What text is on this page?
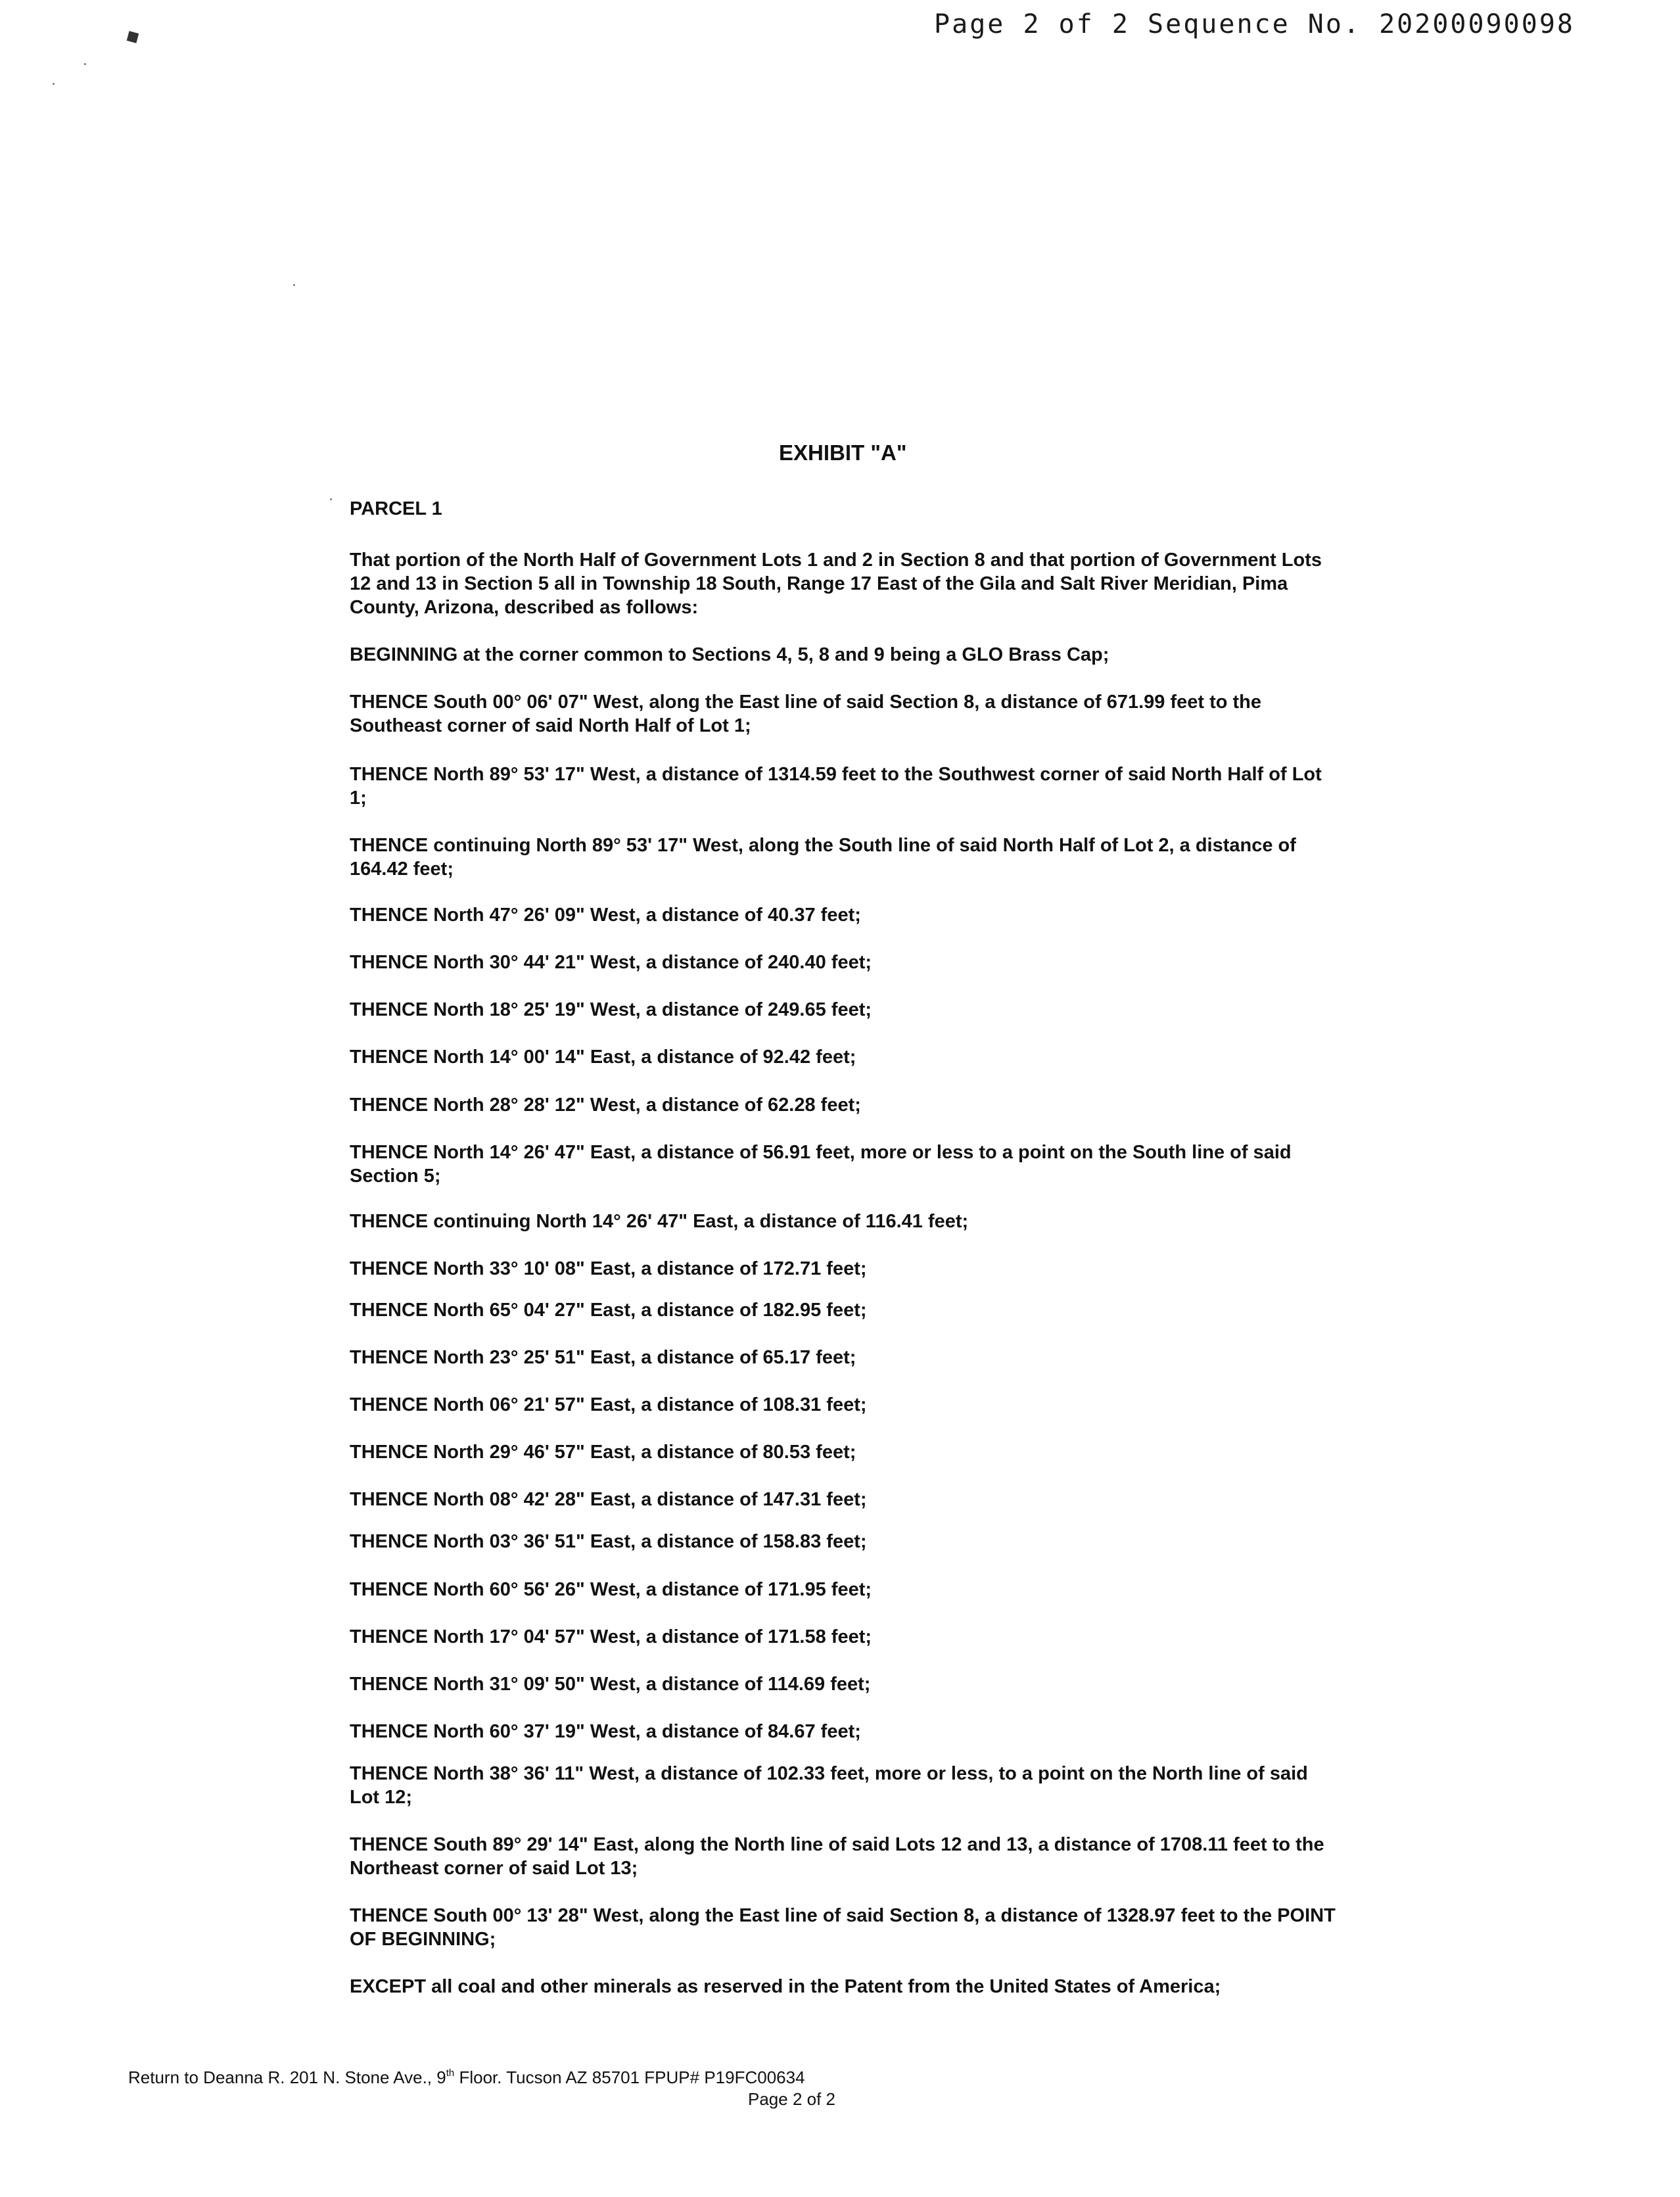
Page 2 of 2 Sequence No. 20200090098
◆
EXHIBIT "A"
PARCEL 1
That portion of the North Half of Government Lots 1 and 2 in Section 8 and that portion of Government Lots 12 and 13 in Section 5 all in Township 18 South, Range 17 East of the Gila and Salt River Meridian, Pima County, Arizona, described as follows:
BEGINNING at the corner common to Sections 4, 5, 8 and 9 being a GLO Brass Cap;
THENCE South 00° 06' 07" West, along the East line of said Section 8, a distance of 671.99 feet to the Southeast corner of said North Half of Lot 1;
THENCE North 89° 53' 17" West, a distance of 1314.59 feet to the Southwest corner of said North Half of Lot 1;
THENCE continuing North 89° 53' 17" West, along the South line of said North Half of Lot 2, a distance of 164.42 feet;
THENCE North 47° 26' 09" West, a distance of 40.37 feet;
THENCE North 30° 44' 21" West, a distance of 240.40 feet;
THENCE North 18° 25' 19" West, a distance of 249.65 feet;
THENCE North 14° 00' 14" East, a distance of 92.42 feet;
THENCE North 28° 28' 12" West, a distance of 62.28 feet;
THENCE North 14° 26' 47" East, a distance of 56.91 feet, more or less to a point on the South line of said Section 5;
THENCE continuing North 14° 26' 47" East, a distance of 116.41 feet;
THENCE North 33° 10' 08" East, a distance of 172.71 feet;
THENCE North 65° 04' 27" East, a distance of 182.95 feet;
THENCE North 23° 25' 51" East, a distance of 65.17 feet;
THENCE North 06° 21' 57" East, a distance of 108.31 feet;
THENCE North 29° 46' 57" East, a distance of 80.53 feet;
THENCE North 08° 42' 28" East, a distance of 147.31 feet;
THENCE North 03° 36' 51" East, a distance of 158.83 feet;
THENCE North 60° 56' 26" West, a distance of 171.95 feet;
THENCE North 17° 04' 57" West, a distance of 171.58 feet;
THENCE North 31° 09' 50" West, a distance of 114.69 feet;
THENCE North 60° 37' 19" West, a distance of 84.67 feet;
THENCE North 38° 36' 11" West, a distance of 102.33 feet, more or less, to a point on the North line of said Lot 12;
THENCE South 89° 29' 14" East, along the North line of said Lots 12 and 13, a distance of 1708.11 feet to the Northeast corner of said Lot 13;
THENCE South 00° 13' 28" West, along the East line of said Section 8, a distance of 1328.97 feet to the POINT OF BEGINNING;
EXCEPT all coal and other minerals as reserved in the Patent from the United States of America;
Return to Deanna R. 201 N. Stone Ave., 9th Floor. Tucson AZ 85701 FPUP# P19FC00634
Page 2 of 2
